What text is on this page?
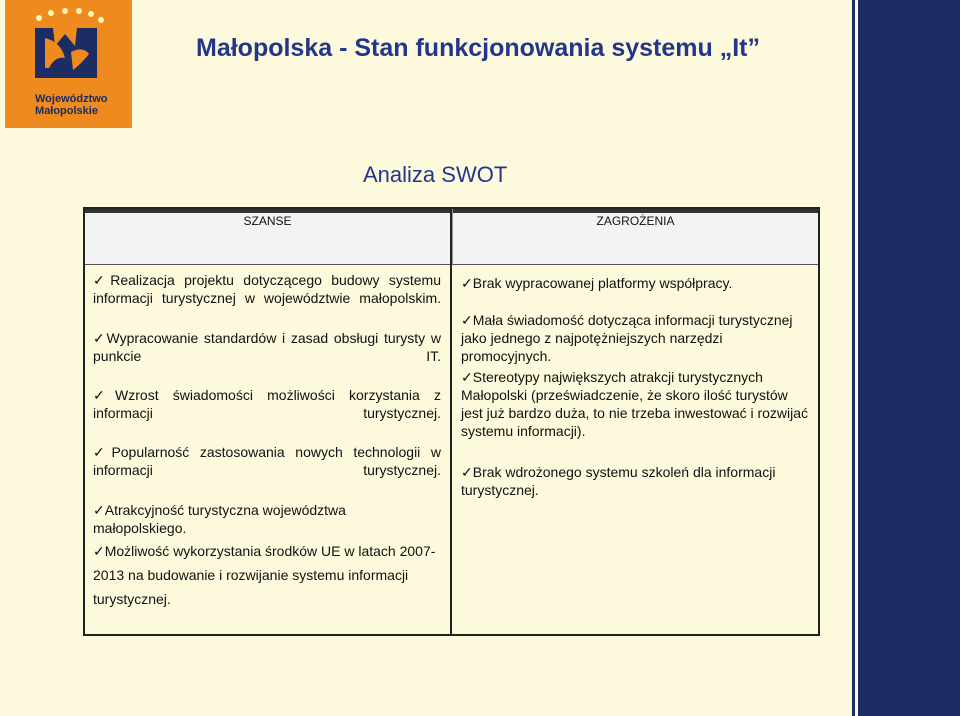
Województwo
Małopolskie
Małopolska - Stan funkcjonowania systemu „It”
Analiza SWOT
SZANSE	ZAGROŻENIA
✓Realizacja projektu dotyczącego budowy systemu informacji turystycznej w województwie małopolskim.
✓Wypracowanie standardów i zasad obsługi turysty w punkcie IT.
✓Wzrost świadomości możliwości korzystania z informacji turystycznej.
✓Popularność zastosowania nowych technologii w informacji turystycznej.
✓Atrakcyjność turystyczna województwa małopolskiego.
✓Możliwość wykorzystania środków UE w latach 2007-2013 na budowanie i rozwijanie systemu informacji turystycznej.
✓Brak wypracowanej platformy współpracy.
✓Mała świadomość dotycząca informacji turystycznej jako jednego z najpotężniejszych narzędzi promocyjnych.
✓Stereotypy największych atrakcji turystycznych Małopolski (przeświadczenie, że skoro ilość turystów jest już bardzo duża, to nie trzeba inwestować i rozwijać systemu informacji).
✓Brak wdrożonego systemu szkoleń dla informacji turystycznej.
